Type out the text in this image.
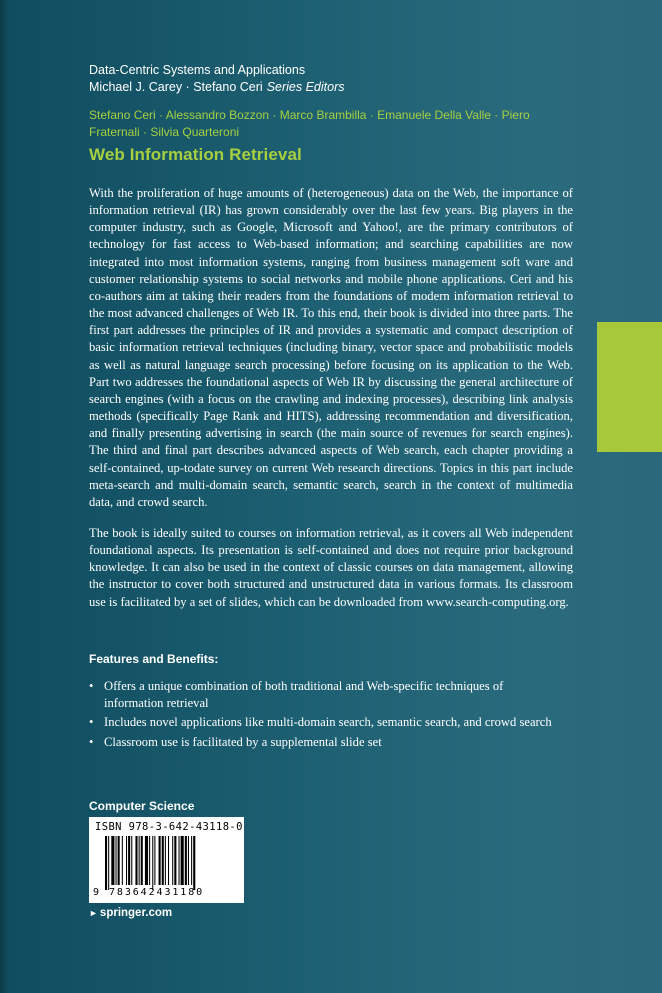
Data-Centric Systems and Applications
Michael J. Carey · Stefano Ceri Series Editors
Stefano Ceri · Alessandro Bozzon · Marco Brambilla · Emanuele Della Valle · Piero Fraternali · Silvia Quarteroni
Web Information Retrieval

With the proliferation of huge amounts of (heterogeneous) data on the Web, the importance of information retrieval (IR) has grown considerably over the last few years. Big players in the computer industry, such as Google, Microsoft and Yahoo!, are the primary contributors of technology for fast access to Web-based information; and searching capabilities are now integrated into most information systems, ranging from business management soft ware and customer relationship systems to social networks and mobile phone applications. Ceri and his co-authors aim at taking their readers from the foundations of modern information retrieval to the most advanced challenges of Web IR. To this end, their book is divided into three parts. The first part addresses the principles of IR and provides a systematic and compact description of basic information retrieval techniques (including binary, vector space and probabilistic models as well as natural language search processing) before focusing on its application to the Web. Part two addresses the foundational aspects of Web IR by discussing the general architecture of search engines (with a focus on the crawling and indexing processes), describing link analysis methods (specifically Page Rank and HITS), addressing recommendation and diversification, and finally presenting advertising in search (the main source of revenues for search engines). The third and final part describes advanced aspects of Web search, each chapter providing a self-contained, up-todate survey on current Web research directions. Topics in this part include meta-search and multi-domain search, semantic search, search in the context of multimedia data, and crowd search.

The book is ideally suited to courses on information retrieval, as it covers all Web independent foundational aspects. Its presentation is self-contained and does not require prior background knowledge. It can also be used in the context of classic courses on data management, allowing the instructor to cover both structured and unstructured data in various formats. Its classroom use is facilitated by a set of slides, which can be downloaded from www.search-computing.org.

Features and Benefits:
• Offers a unique combination of both traditional and Web-specific techniques of information retrieval
• Includes novel applications like multi-domain search, semantic search, and crowd search
• Classroom use is facilitated by a supplemental slide set
Computer Science
ISBN 978-3-642-43118-0
9 783642431180
► springer.com
